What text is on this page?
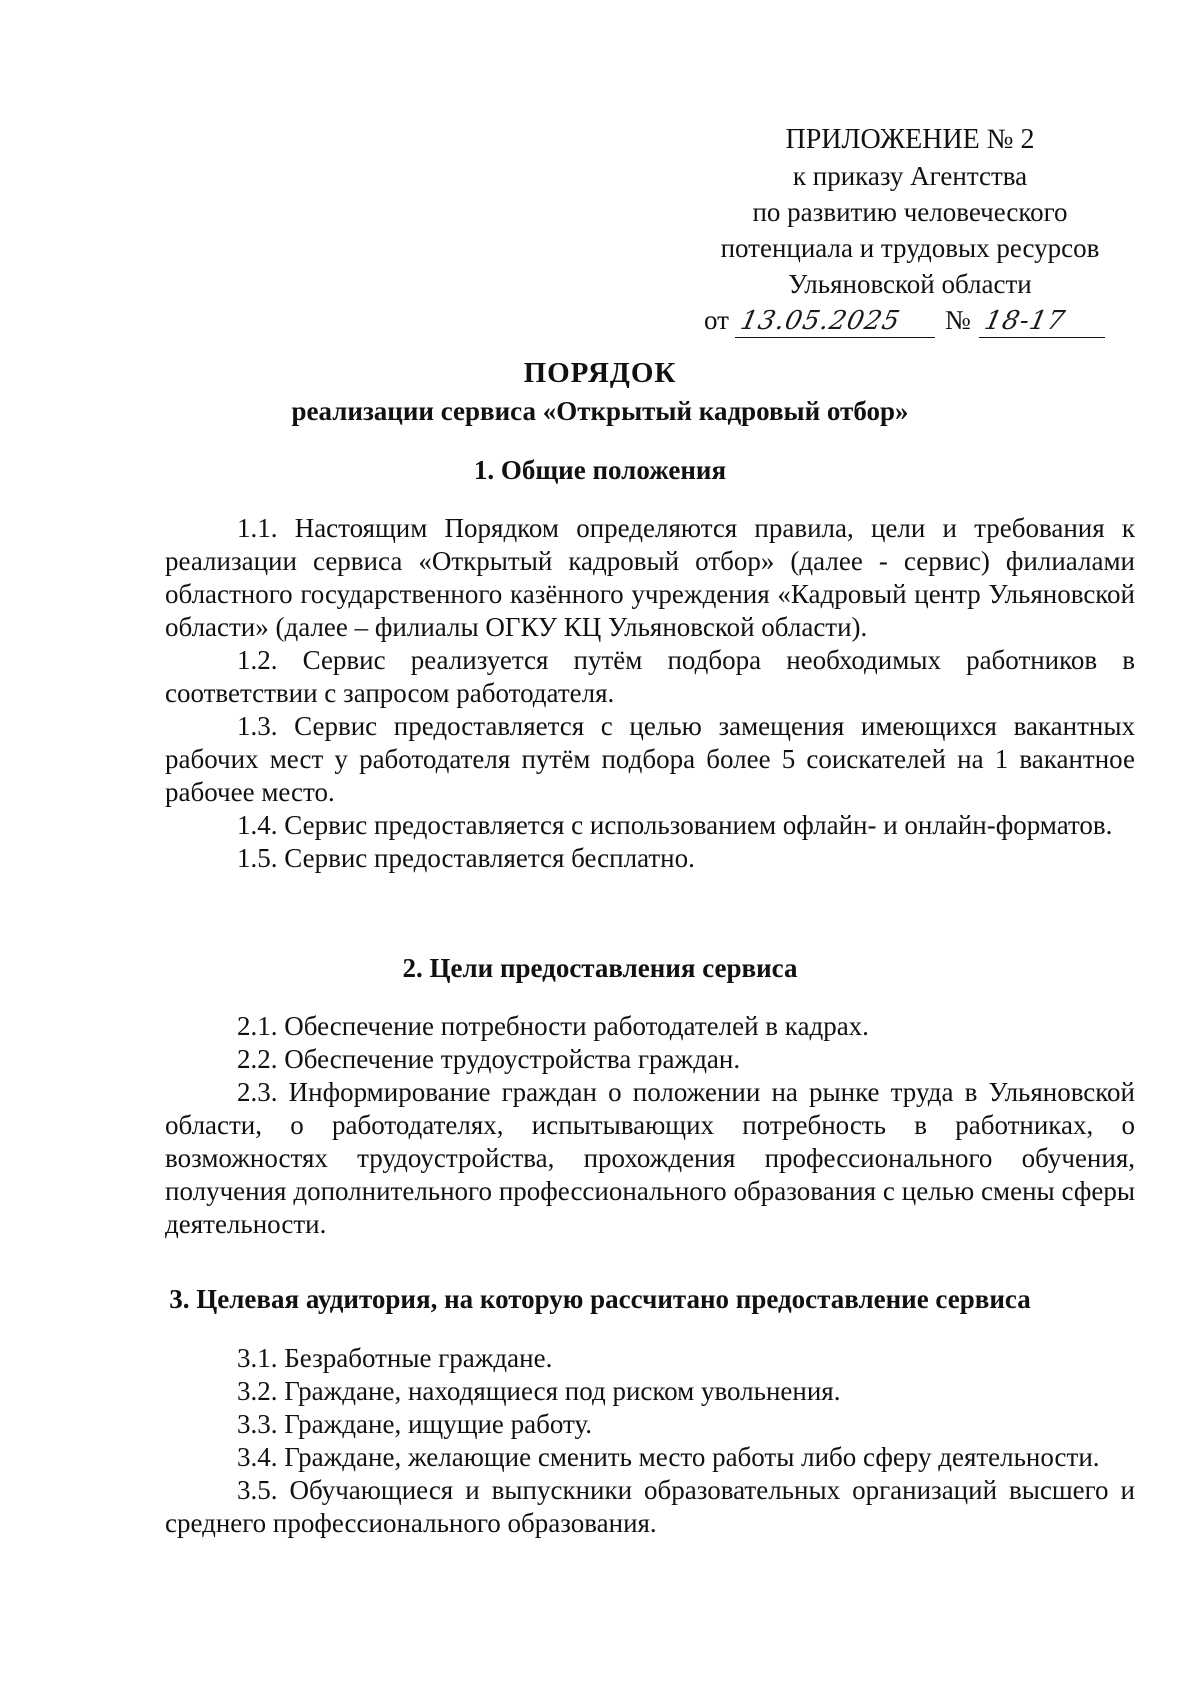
ПРИЛОЖЕНИЕ № 2
к приказу Агентства
по развитию человеческого
потенциала и трудовых ресурсов
Ульяновской области
от 13.05.2025 № 18-17
ПОРЯДОК
реализации сервиса «Открытый кадровый отбор»
1. Общие положения

1.1. Настоящим Порядком определяются правила, цели и требования к реализации сервиса «Открытый кадровый отбор» (далее - сервис) филиалами областного государственного казённого учреждения «Кадровый центр Ульяновской области» (далее – филиалы ОГКУ КЦ Ульяновской области).

1.2. Сервис реализуется путём подбора необходимых работников в соответствии с запросом работодателя.

1.3. Сервис предоставляется с целью замещения имеющихся вакантных рабочих мест у работодателя путём подбора более 5 соискателей на 1 вакантное рабочее место.

1.4. Сервис предоставляется с использованием офлайн- и онлайн-форматов.

1.5. Сервис предоставляется бесплатно.

2. Цели предоставления сервиса

2.1. Обеспечение потребности работодателей в кадрах.

2.2. Обеспечение трудоустройства граждан.

2.3. Информирование граждан о положении на рынке труда в Ульяновской области, о работодателях, испытывающих потребность в работниках, о возможностях трудоустройства, прохождения профессионального обучения, получения дополнительного профессионального образования с целью смены сферы деятельности.

3. Целевая аудитория, на которую рассчитано предоставление сервиса

3.1. Безработные граждане.

3.2. Граждане, находящиеся под риском увольнения.

3.3. Граждане, ищущие работу.

3.4. Граждане, желающие сменить место работы либо сферу деятельности.

3.5. Обучающиеся и выпускники образовательных организаций высшего и среднего профессионального образования.
